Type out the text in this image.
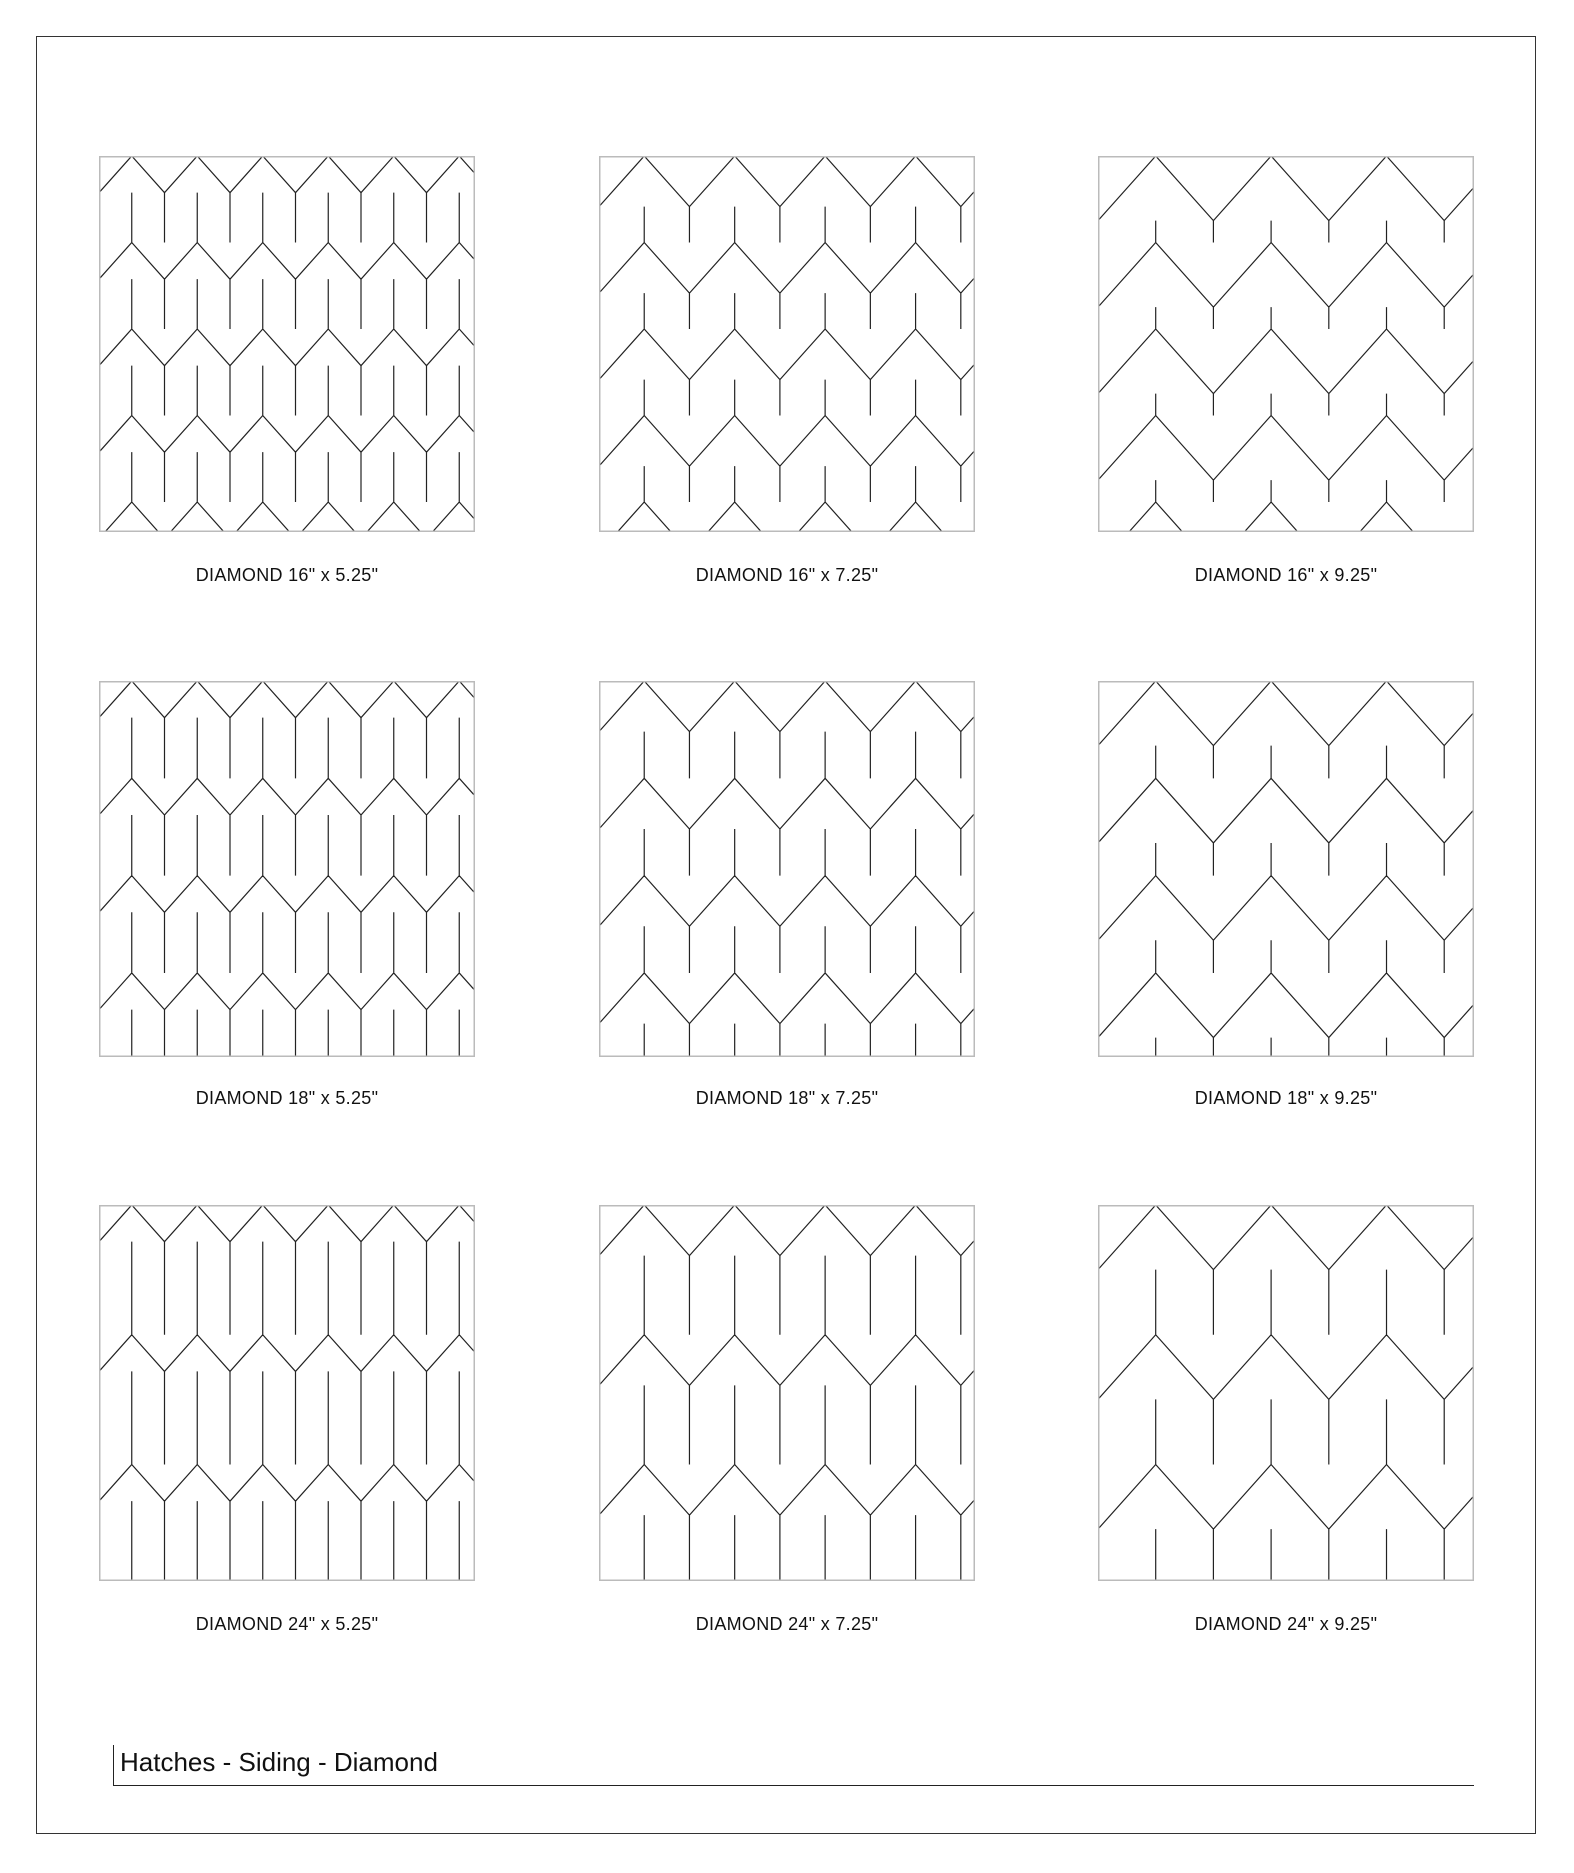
DIAMOND 16" x 5.25"	DIAMOND 16" x 7.25"	DIAMOND 16" x 9.25"
DIAMOND 18" x 5.25"	DIAMOND 18" x 7.25"	DIAMOND 18" x 9.25"
DIAMOND 24" x 5.25"	DIAMOND 24" x 7.25"	DIAMOND 24" x 9.25"
Hatches - Siding - Diamond
